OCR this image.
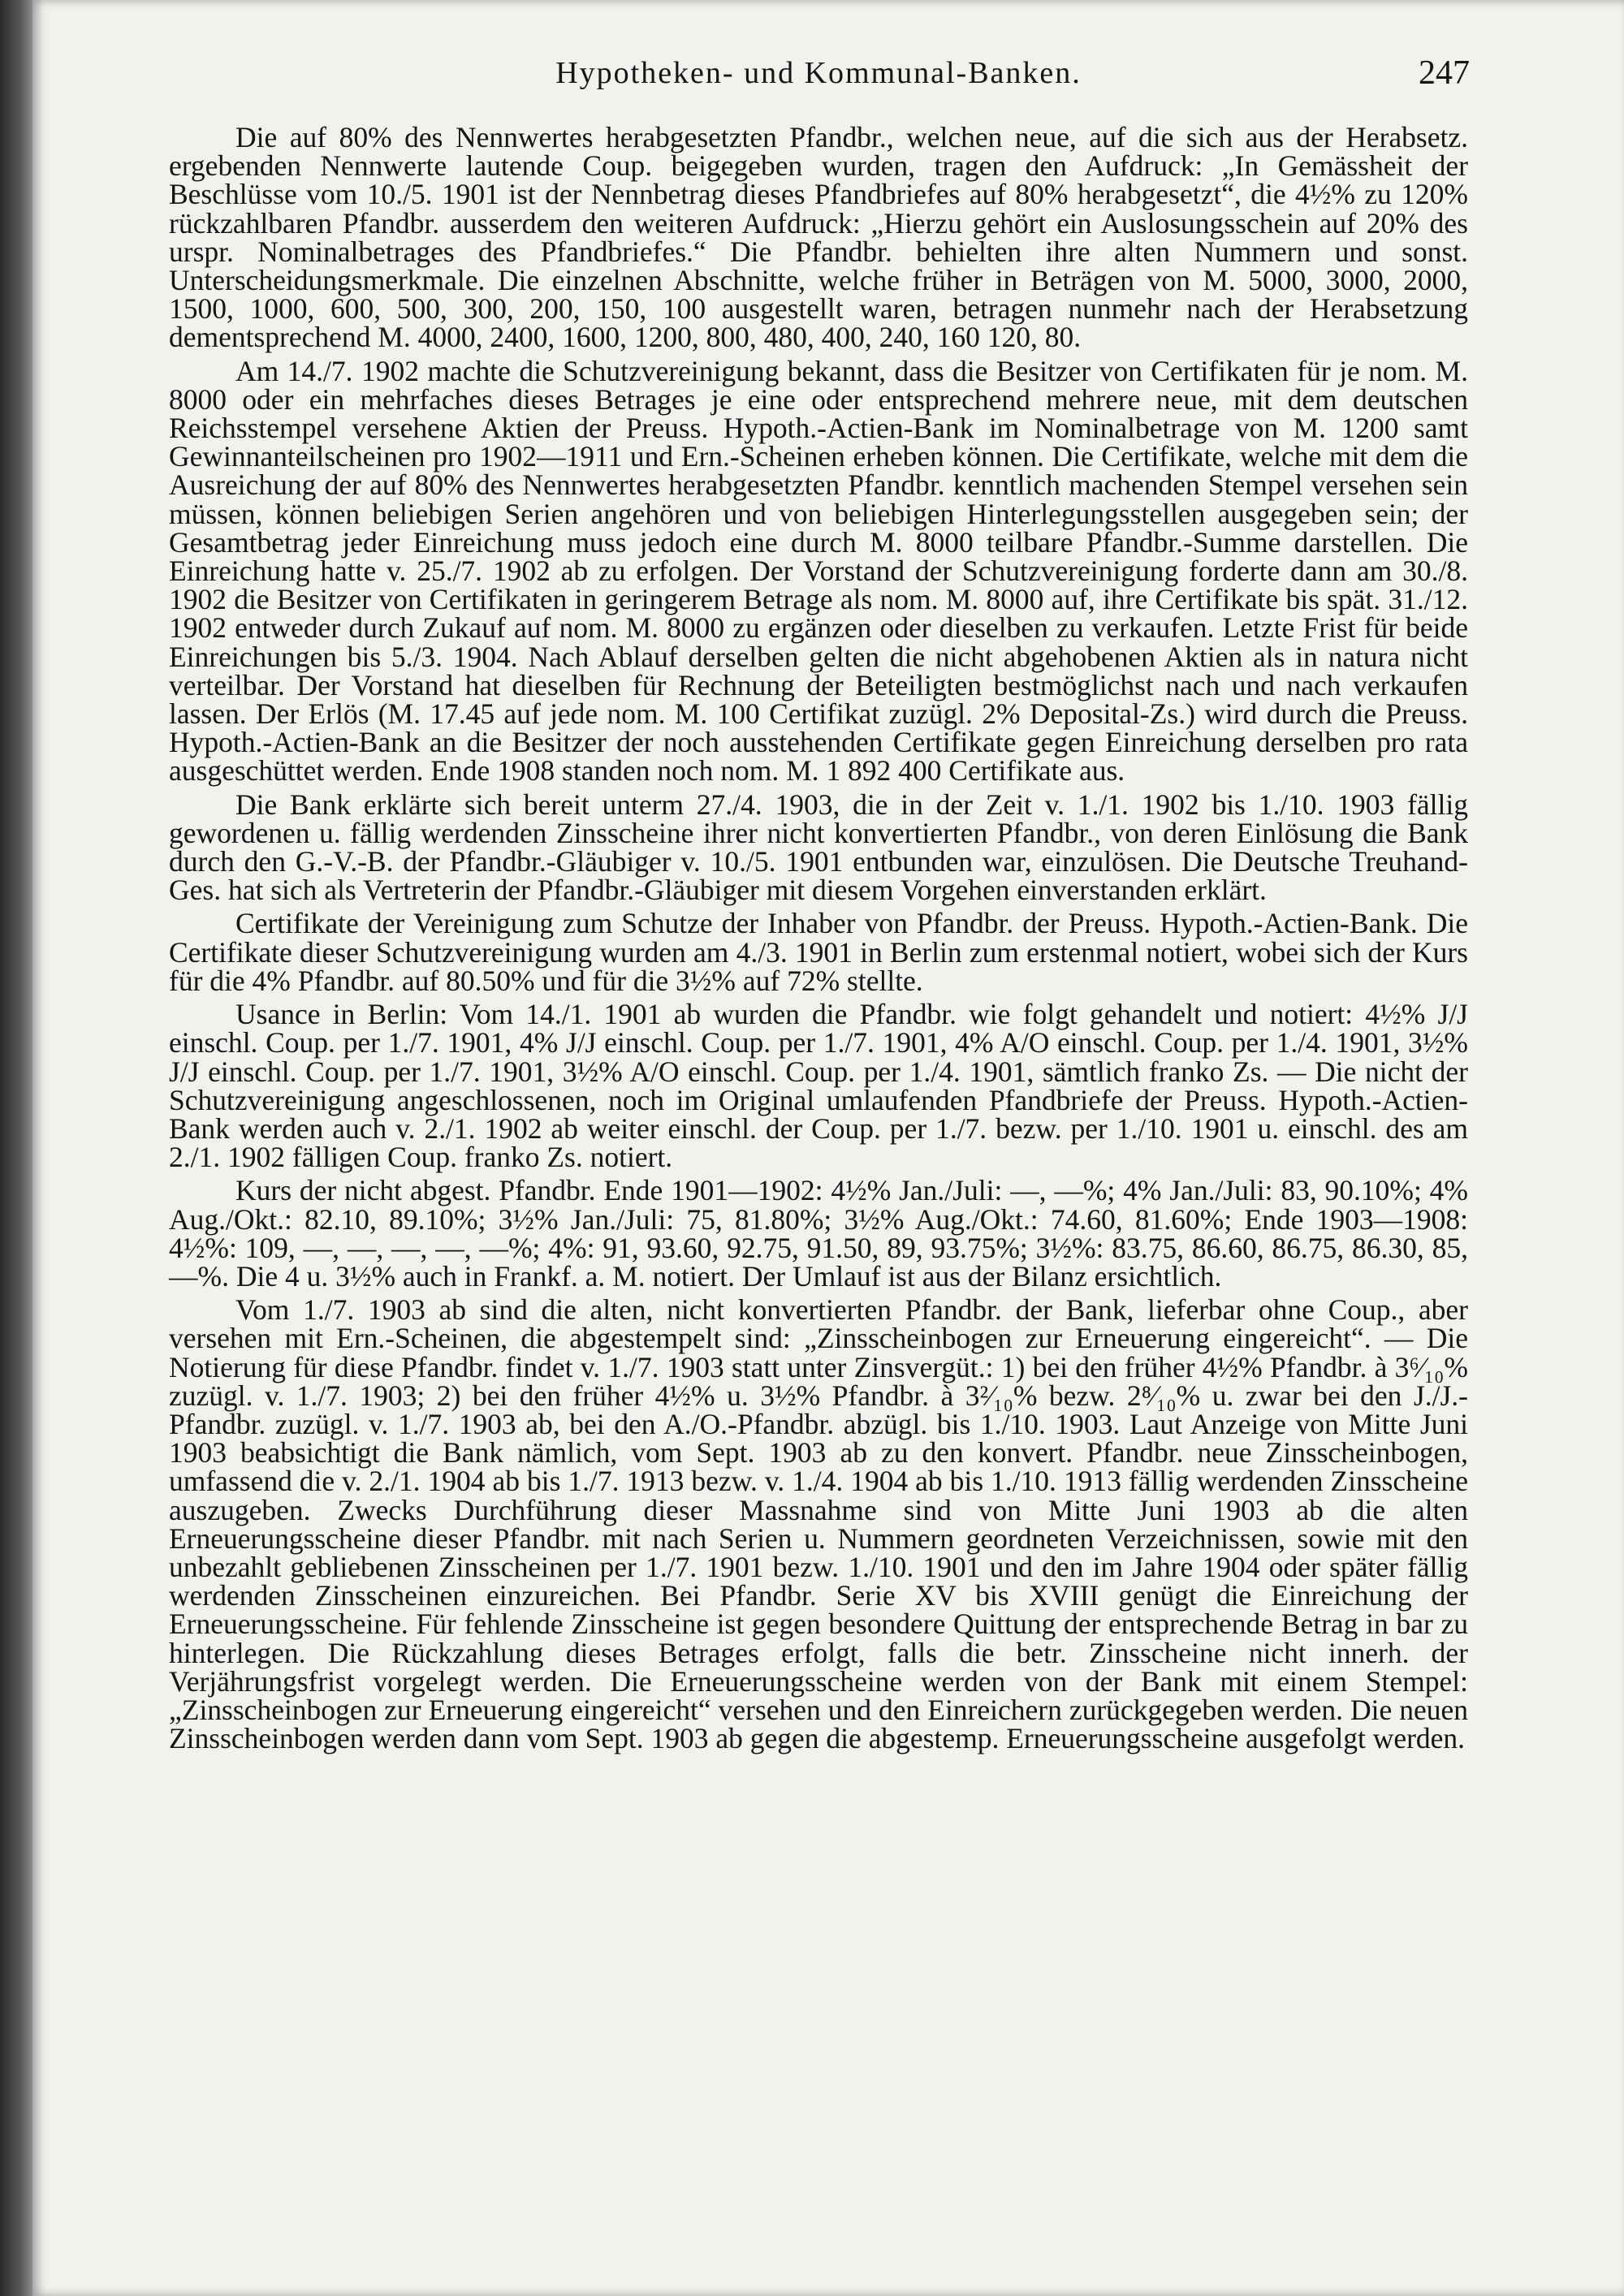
Hypotheken- und Kommunal-Banken.	247

Die auf 80% des Nennwertes herabgesetzten Pfandbr., welchen neue, auf die sich aus der Herabsetz. ergebenden Nennwerte lautende Coup. beigegeben wurden, tragen den Aufdruck: „In Gemässheit der Beschlüsse vom 10./5. 1901 ist der Nennbetrag dieses Pfandbriefes auf 80% herabgesetzt“, die 4½% zu 120% rückzahlbaren Pfandbr. ausserdem den weiteren Aufdruck: „Hierzu gehört ein Auslosungsschein auf 20% des urspr. Nominalbetrages des Pfandbriefes.“ Die Pfandbr. behielten ihre alten Nummern und sonst. Unterscheidungsmerkmale. Die einzelnen Abschnitte, welche früher in Beträgen von M. 5000, 3000, 2000, 1500, 1000, 600, 500, 300, 200, 150, 100 ausgestellt waren, betragen nunmehr nach der Herabsetzung dementsprechend M. 4000, 2400, 1600, 1200, 800, 480, 400, 240, 160 120, 80.

Am 14./7. 1902 machte die Schutzvereinigung bekannt, dass die Besitzer von Certifikaten für je nom. M. 8000 oder ein mehrfaches dieses Betrages je eine oder entsprechend mehrere neue, mit dem deutschen Reichsstempel versehene Aktien der Preuss. Hypoth.-Actien-Bank im Nominalbetrage von M. 1200 samt Gewinnanteilscheinen pro 1902—1911 und Ern.-Scheinen erheben können. Die Certifikate, welche mit dem die Ausreichung der auf 80% des Nennwertes herabgesetzten Pfandbr. kenntlich machenden Stempel versehen sein müssen, können beliebigen Serien angehören und von beliebigen Hinterlegungsstellen ausgegeben sein; der Gesamtbetrag jeder Einreichung muss jedoch eine durch M. 8000 teilbare Pfandbr.-Summe darstellen. Die Einreichung hatte v. 25./7. 1902 ab zu erfolgen. Der Vorstand der Schutzvereinigung forderte dann am 30./8. 1902 die Besitzer von Certifikaten in geringerem Betrage als nom. M. 8000 auf, ihre Certifikate bis spät. 31./12. 1902 entweder durch Zukauf auf nom. M. 8000 zu ergänzen oder dieselben zu verkaufen. Letzte Frist für beide Einreichungen bis 5./3. 1904. Nach Ablauf derselben gelten die nicht abgehobenen Aktien als in natura nicht verteilbar. Der Vorstand hat dieselben für Rechnung der Beteiligten bestmöglichst nach und nach verkaufen lassen. Der Erlös (M. 17.45 auf jede nom. M. 100 Certifikat zuzügl. 2% Deposital-Zs.) wird durch die Preuss. Hypoth.-Actien-Bank an die Besitzer der noch ausstehenden Certifikate gegen Einreichung derselben pro rata ausgeschüttet werden. Ende 1908 standen noch nom. M. 1 892 400 Certifikate aus.

Die Bank erklärte sich bereit unterm 27./4. 1903, die in der Zeit v. 1./1. 1902 bis 1./10. 1903 fällig gewordenen u. fällig werdenden Zinsscheine ihrer nicht konvertierten Pfandbr., von deren Einlösung die Bank durch den G.-V.-B. der Pfandbr.-Gläubiger v. 10./5. 1901 entbunden war, einzulösen. Die Deutsche Treuhand-Ges. hat sich als Vertreterin der Pfandbr.-Gläubiger mit diesem Vorgehen einverstanden erklärt.

Certifikate der Vereinigung zum Schutze der Inhaber von Pfandbr. der Preuss. Hypoth.-Actien-Bank. Die Certifikate dieser Schutzvereinigung wurden am 4./3. 1901 in Berlin zum erstenmal notiert, wobei sich der Kurs für die 4% Pfandbr. auf 80.50% und für die 3½% auf 72% stellte.

Usance in Berlin: Vom 14./1. 1901 ab wurden die Pfandbr. wie folgt gehandelt und notiert: 4½% J/J einschl. Coup. per 1./7. 1901, 4% J/J einschl. Coup. per 1./7. 1901, 4% A/O einschl. Coup. per 1./4. 1901, 3½% J/J einschl. Coup. per 1./7. 1901, 3½% A/O einschl. Coup. per 1./4. 1901, sämtlich franko Zs. — Die nicht der Schutzvereinigung angeschlossenen, noch im Original umlaufenden Pfandbriefe der Preuss. Hypoth.-Actien-Bank werden auch v. 2./1. 1902 ab weiter einschl. der Coup. per 1./7. bezw. per 1./10. 1901 u. einschl. des am 2./1. 1902 fälligen Coup. franko Zs. notiert.

Kurs der nicht abgest. Pfandbr. Ende 1901—1902: 4½% Jan./Juli: —, —%; 4% Jan./Juli: 83, 90.10%; 4% Aug./Okt.: 82.10, 89.10%; 3½% Jan./Juli: 75, 81.80%; 3½% Aug./Okt.: 74.60, 81.60%; Ende 1903—1908: 4½%: 109, —, —, —, —, —%; 4%: 91, 93.60, 92.75, 91.50, 89, 93.75%; 3½%: 83.75, 86.60, 86.75, 86.30, 85, —%. Die 4 u. 3½% auch in Frankf. a. M. notiert. Der Umlauf ist aus der Bilanz ersichtlich.

Vom 1./7. 1903 ab sind die alten, nicht konvertierten Pfandbr. der Bank, lieferbar ohne Coup., aber versehen mit Ern.-Scheinen, die abgestempelt sind: „Zinsscheinbogen zur Erneuerung eingereicht“. — Die Notierung für diese Pfandbr. findet v. 1./7. 1903 statt unter Zinsvergüt.: 1) bei den früher 4½% Pfandbr. à 3⁶⁄₁₀% zuzügl. v. 1./7. 1903; 2) bei den früher 4½% u. 3½% Pfandbr. à 3²⁄₁₀% bezw. 2⁸⁄₁₀% u. zwar bei den J./J.-Pfandbr. zuzügl. v. 1./7. 1903 ab, bei den A./O.-Pfandbr. abzügl. bis 1./10. 1903. Laut Anzeige von Mitte Juni 1903 beabsichtigt die Bank nämlich, vom Sept. 1903 ab zu den konvert. Pfandbr. neue Zinsscheinbogen, umfassend die v. 2./1. 1904 ab bis 1./7. 1913 bezw. v. 1./4. 1904 ab bis 1./10. 1913 fällig werdenden Zinsscheine auszugeben. Zwecks Durchführung dieser Massnahme sind von Mitte Juni 1903 ab die alten Erneuerungsscheine dieser Pfandbr. mit nach Serien u. Nummern geordneten Verzeichnissen, sowie mit den unbezahlt gebliebenen Zinsscheinen per 1./7. 1901 bezw. 1./10. 1901 und den im Jahre 1904 oder später fällig werdenden Zinsscheinen einzureichen. Bei Pfandbr. Serie XV bis XVIII genügt die Einreichung der Erneuerungsscheine. Für fehlende Zinsscheine ist gegen besondere Quittung der entsprechende Betrag in bar zu hinterlegen. Die Rückzahlung dieses Betrages erfolgt, falls die betr. Zinsscheine nicht innerh. der Verjährungsfrist vorgelegt werden. Die Erneuerungsscheine werden von der Bank mit einem Stempel: „Zinsscheinbogen zur Erneuerung eingereicht“ versehen und den Einreichern zurückgegeben werden. Die neuen Zinsscheinbogen werden dann vom Sept. 1903 ab gegen die abgestemp. Erneuerungsscheine ausgefolgt werden.
